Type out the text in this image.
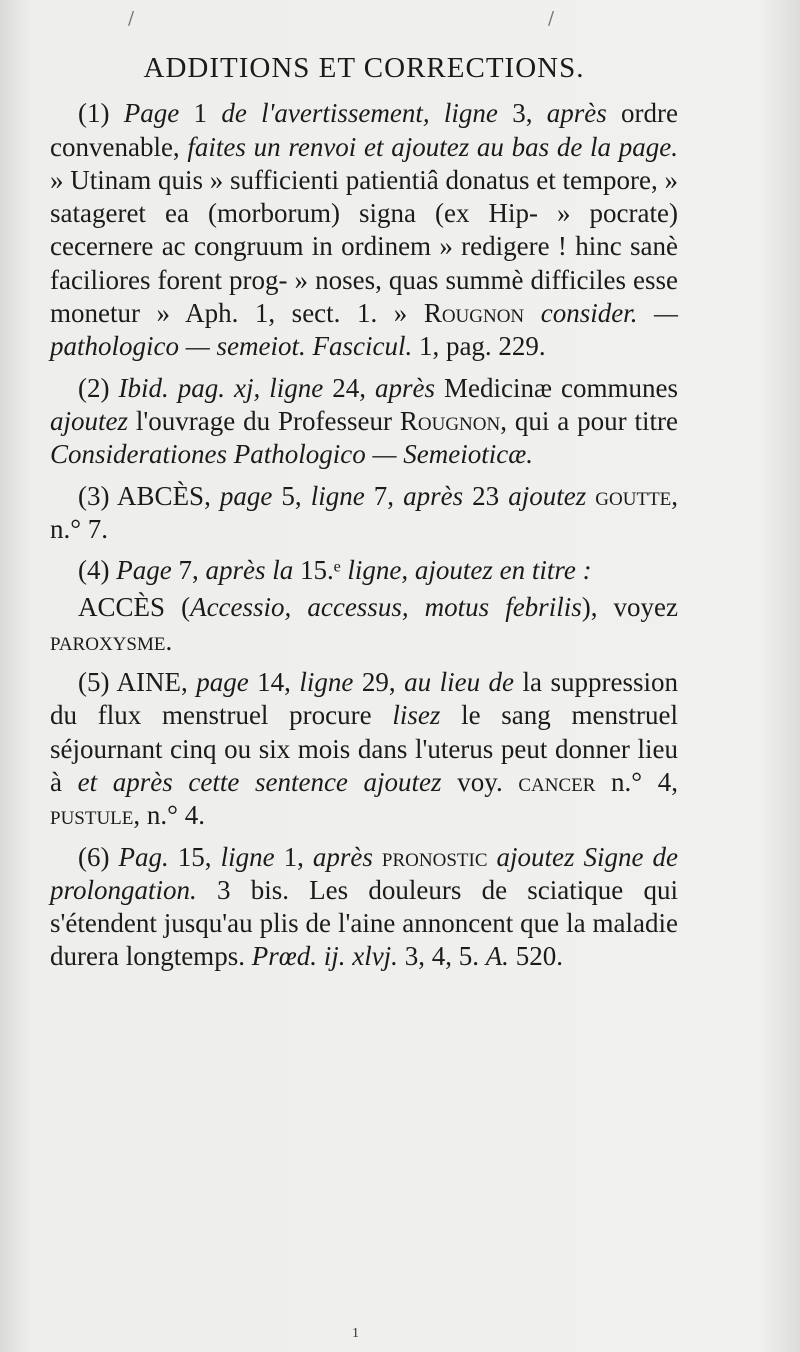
/	/
ADDITIONS ET CORRECTIONS.

(1) Page 1 de l'avertissement, ligne 3, après ordre convenable, faites un renvoi et ajoutez au bas de la page. » Utinam quis » sufficienti patientiâ donatus et tempore, » satageret ea (morborum) signa (ex Hip- » pocrate) cecernere ac congruum in ordinem » redigere ! hinc sanè faciliores forent prog- » noses, quas summè difficiles esse monetur » Aph. 1, sect. 1. » Rougnon consider. — pathologico — semeiot. Fascicul. 1, pag. 229.

(2) Ibid. pag. xj, ligne 24, après Medicinæ communes ajoutez l'ouvrage du Professeur Rougnon, qui a pour titre Considerationes Pathologico — Semeioticæ.

(3) ABCÈS, page 5, ligne 7, après 23 ajoutez goutte, n.° 7.

(4) Page 7, après la 15.ᵉ ligne, ajoutez en titre :

ACCÈS (Accessio, accessus, motus febrilis), voyez paroxysme.

(5) AINE, page 14, ligne 29, au lieu de la suppression du flux menstruel procure lisez le sang menstruel séjournant cinq ou six mois dans l'uterus peut donner lieu à et après cette sentence ajoutez voy. cancer n.° 4, pustule, n.° 4.

(6) Pag. 15, ligne 1, après pronostic ajoutez Signe de prolongation. 3 bis. Les douleurs de sciatique qui s'étendent jusqu'au plis de l'aine annoncent que la maladie durera longtemps. Prœd. ij. xlvj. 3, 4, 5. A. 520.

1
